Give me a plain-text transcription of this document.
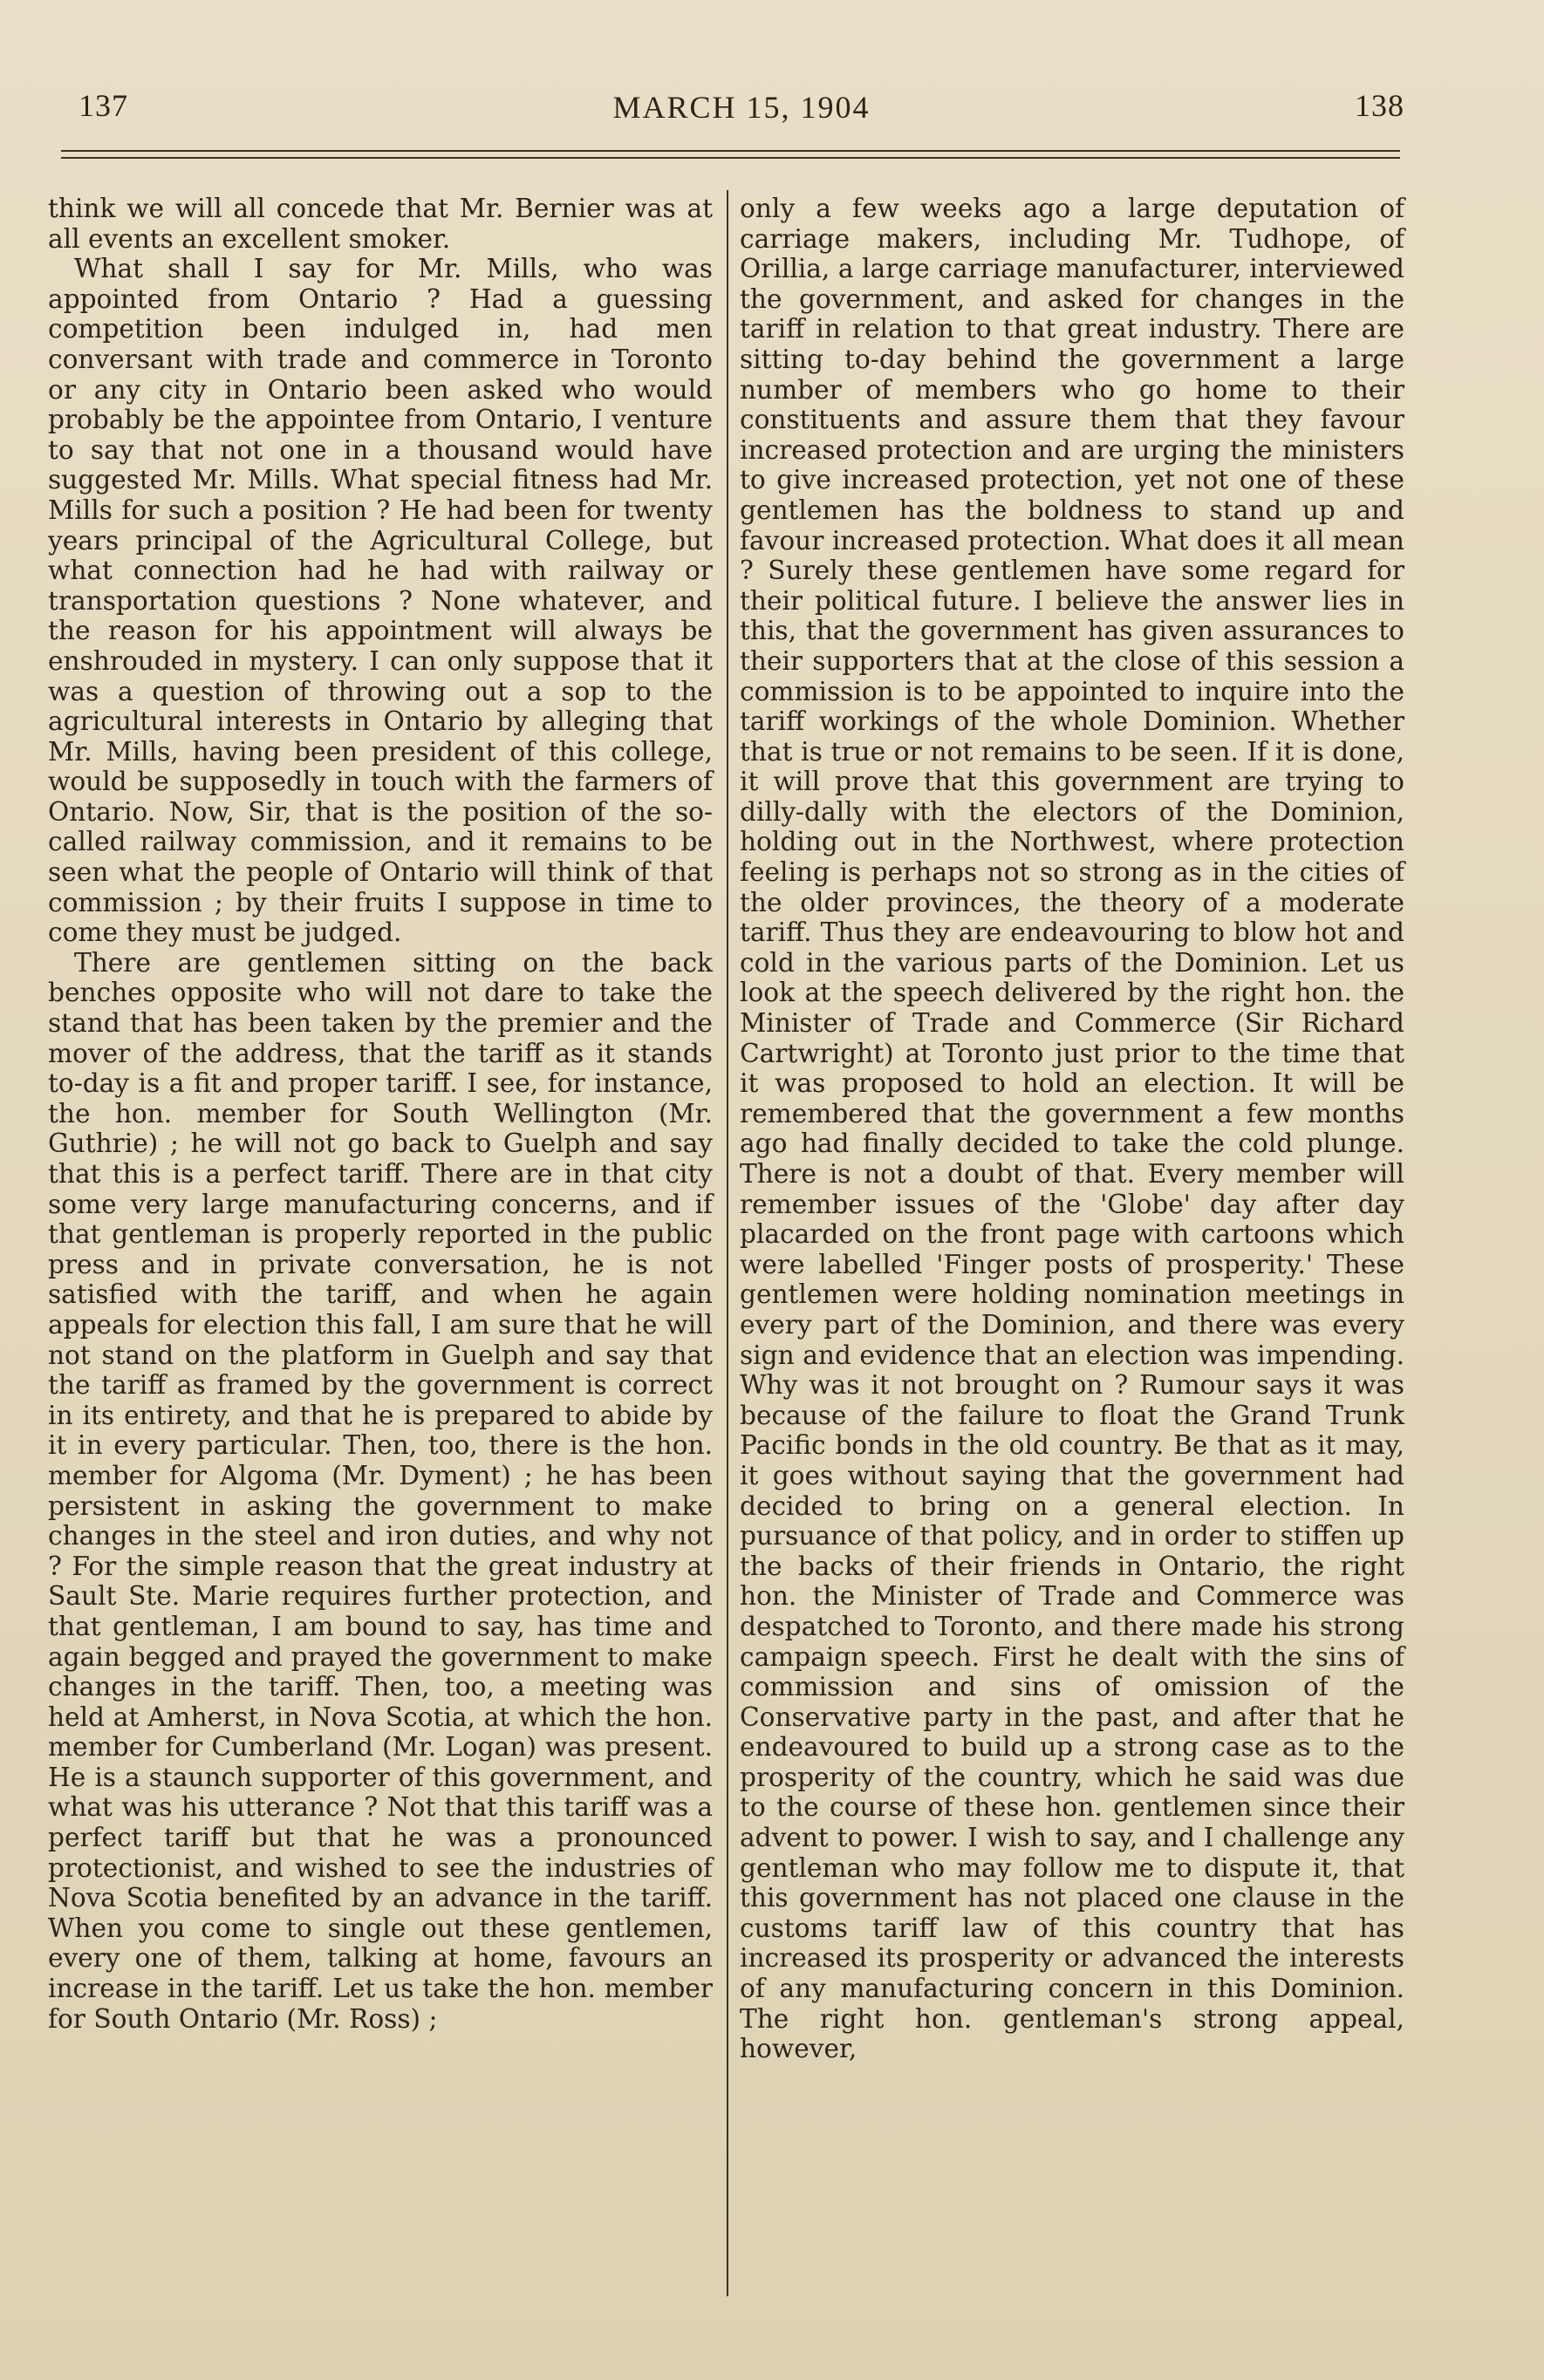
137	MARCH 15, 1904	138

think we will all concede that Mr. Bernier was at all events an excellent smoker.

What shall I say for Mr. Mills, who was appointed from Ontario ? Had a guessing competition been indulged in, had men conversant with trade and commerce in Toronto or any city in Ontario been asked who would probably be the appointee from Ontario, I venture to say that not one in a thousand would have suggested Mr. Mills. What special fitness had Mr. Mills for such a position ? He had been for twenty years principal of the Agricultural College, but what connection had he had with railway or transportation questions ? None whatever, and the reason for his appointment will always be enshrouded in mystery. I can only suppose that it was a question of throwing out a sop to the agricultural interests in Ontario by alleging that Mr. Mills, having been president of this college, would be supposedly in touch with the farmers of Ontario. Now, Sir, that is the position of the so-called railway commission, and it remains to be seen what the people of Ontario will think of that commission ; by their fruits I suppose in time to come they must be judged.

There are gentlemen sitting on the back benches opposite who will not dare to take the stand that has been taken by the premier and the mover of the address, that the tariff as it stands to-day is a fit and proper tariff. I see, for instance, the hon. member for South Wellington (Mr. Guthrie) ; he will not go back to Guelph and say that this is a perfect tariff. There are in that city some very large manufacturing concerns, and if that gentleman is properly reported in the public press and in private conversation, he is not satisfied with the tariff, and when he again appeals for election this fall, I am sure that he will not stand on the platform in Guelph and say that the tariff as framed by the government is correct in its entirety, and that he is prepared to abide by it in every particular. Then, too, there is the hon. member for Algoma (Mr. Dyment) ; he has been persistent in asking the government to make changes in the steel and iron duties, and why not ? For the simple reason that the great industry at Sault Ste. Marie requires further protection, and that gentleman, I am bound to say, has time and again begged and prayed the government to make changes in the tariff. Then, too, a meeting was held at Amherst, in Nova Scotia, at which the hon. member for Cumberland (Mr. Logan) was present. He is a staunch supporter of this government, and what was his utterance ? Not that this tariff was a perfect tariff but that he was a pronounced protectionist, and wished to see the industries of Nova Scotia benefited by an advance in the tariff. When you come to single out these gentlemen, every one of them, talking at home, favours an increase in the tariff. Let us take the hon. member for South Ontario (Mr. Ross) ;

only a few weeks ago a large deputation of carriage makers, including Mr. Tudhope, of Orillia, a large carriage manufacturer, interviewed the government, and asked for changes in the tariff in relation to that great industry. There are sitting to-day behind the government a large number of members who go home to their constituents and assure them that they favour increased protection and are urging the ministers to give increased protection, yet not one of these gentlemen has the boldness to stand up and favour increased protection. What does it all mean ? Surely these gentlemen have some regard for their political future. I believe the answer lies in this, that the government has given assurances to their supporters that at the close of this session a commission is to be appointed to inquire into the tariff workings of the whole Dominion. Whether that is true or not remains to be seen. If it is done, it will prove that this government are trying to dilly-dally with the electors of the Dominion, holding out in the Northwest, where protection feeling is perhaps not so strong as in the cities of the older provinces, the theory of a moderate tariff. Thus they are endeavouring to blow hot and cold in the various parts of the Dominion. Let us look at the speech delivered by the right hon. the Minister of Trade and Commerce (Sir Richard Cartwright) at Toronto just prior to the time that it was proposed to hold an election. It will be remembered that the government a few months ago had finally decided to take the cold plunge. There is not a doubt of that. Every member will remember issues of the 'Globe' day after day placarded on the front page with cartoons which were labelled 'Finger posts of prosperity.' These gentlemen were holding nomination meetings in every part of the Dominion, and there was every sign and evidence that an election was impending. Why was it not brought on ? Rumour says it was because of the failure to float the Grand Trunk Pacific bonds in the old country. Be that as it may, it goes without saying that the government had decided to bring on a general election. In pursuance of that policy, and in order to stiffen up the backs of their friends in Ontario, the right hon. the Minister of Trade and Commerce was despatched to Toronto, and there made his strong campaign speech. First he dealt with the sins of commission and sins of omission of the Conservative party in the past, and after that he endeavoured to build up a strong case as to the prosperity of the country, which he said was due to the course of these hon. gentlemen since their advent to power. I wish to say, and I challenge any gentleman who may follow me to dispute it, that this government has not placed one clause in the customs tariff law of this country that has increased its prosperity or advanced the interests of any manufacturing concern in this Dominion. The right hon. gentleman's strong appeal, however,
